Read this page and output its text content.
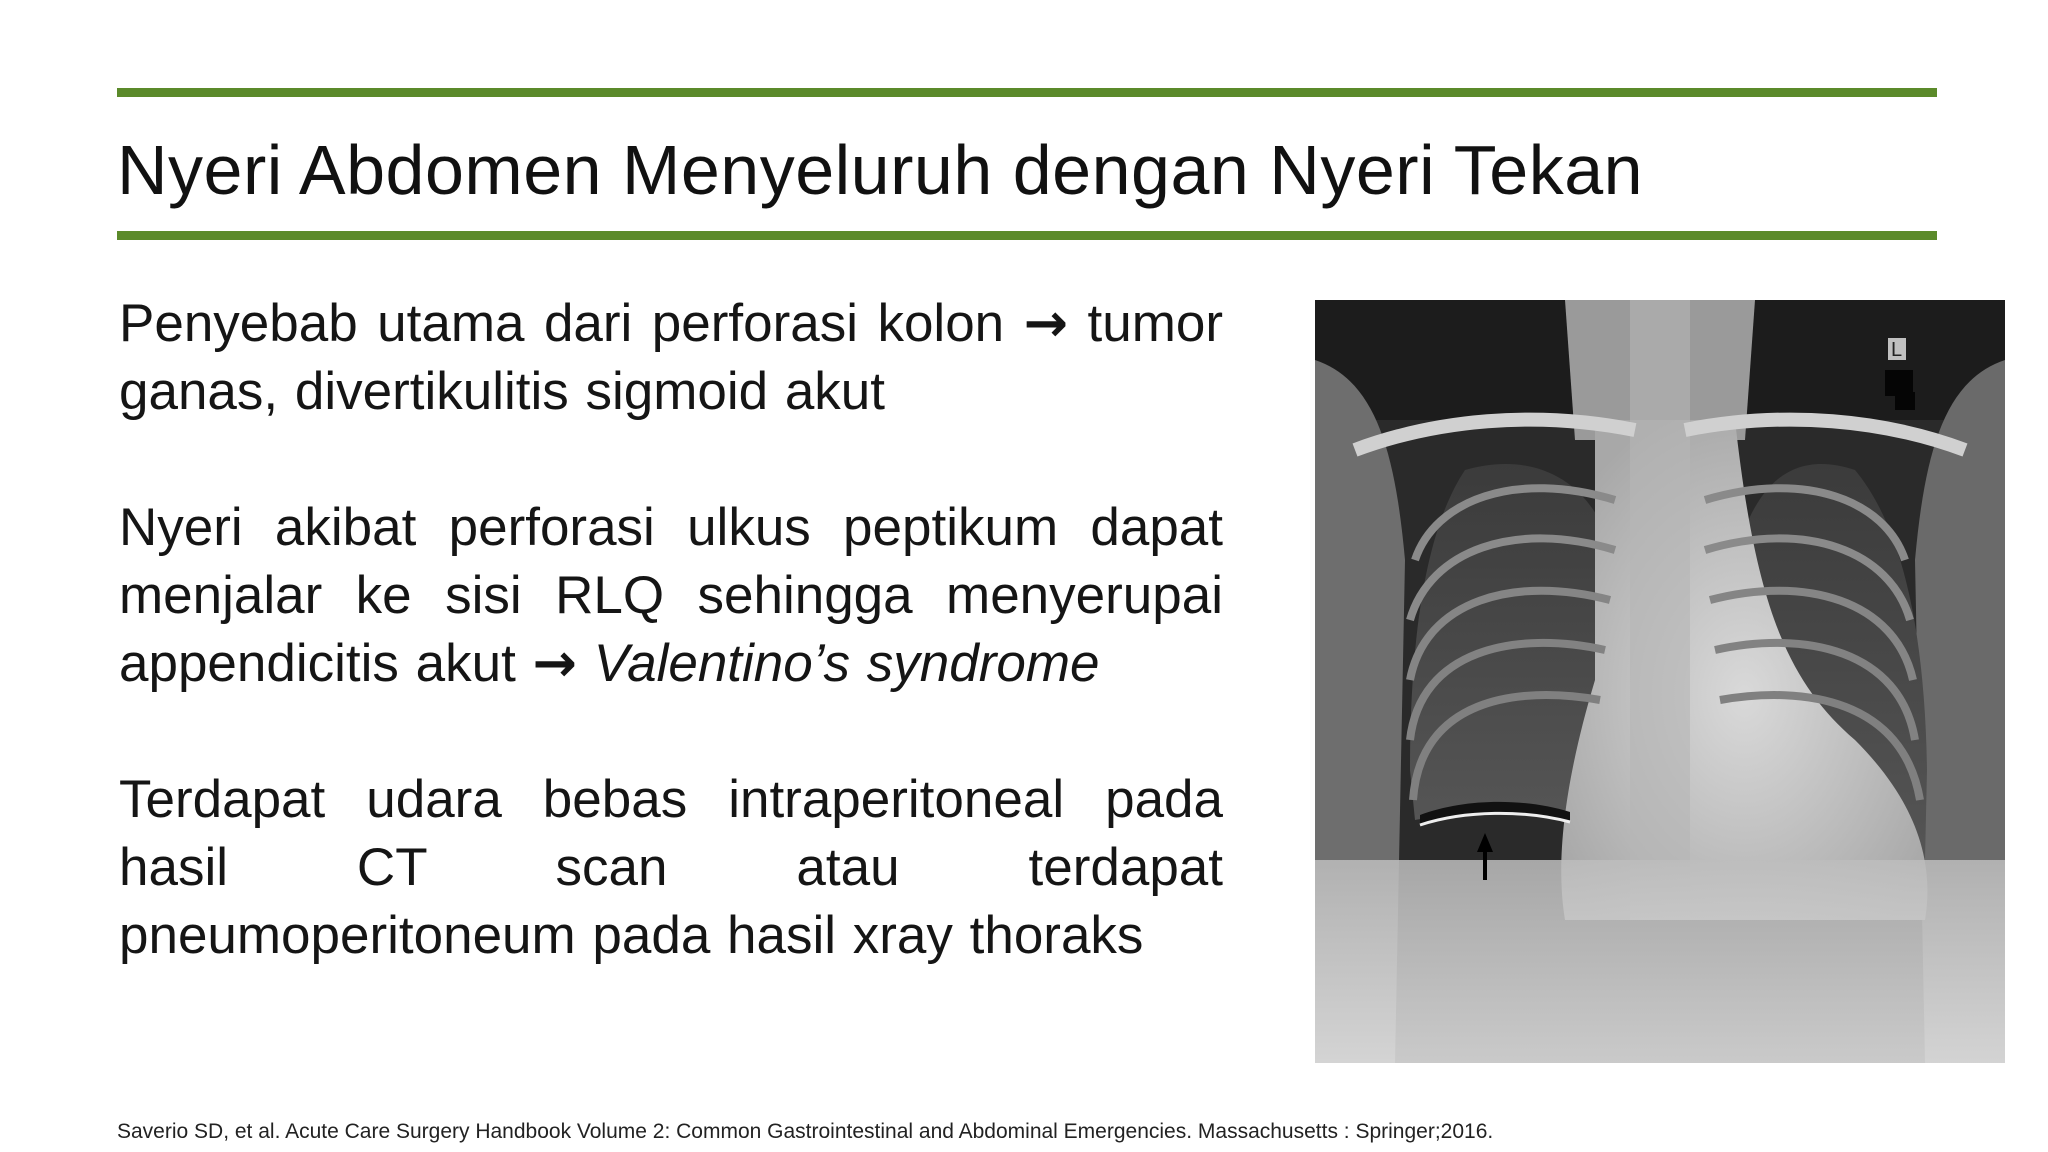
Nyeri Abdomen Menyeluruh dengan Nyeri Tekan

Penyebab utama dari perforasi kolon → tumor ganas, divertikulitis sigmoid akut

Nyeri akibat perforasi ulkus peptikum dapat menjalar ke sisi RLQ sehingga menyerupai appendicitis akut → Valentino’s syndrome

Terdapat udara bebas intraperitoneal pada hasil CT scan atau terdapat pneumoperitoneum pada hasil xray thoraks

L
Saverio SD, et al. Acute Care Surgery Handbook Volume 2: Common Gastrointestinal and Abdominal Emergencies. Massachusetts : Springer;2016.
